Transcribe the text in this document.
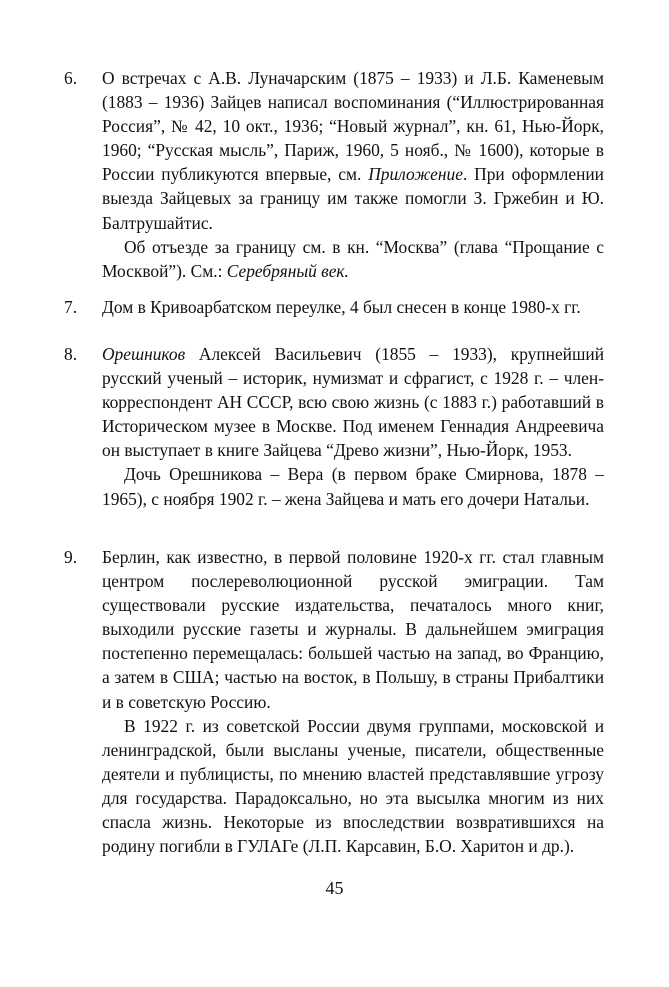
6. О встречах с А.В. Луначарским (1875 – 1933) и Л.Б. Каменевым (1883 – 1936) Зайцев написал воспоминания (“Иллюстрированная Россия”, № 42, 10 окт., 1936; “Новый журнал”, кн. 61, Нью-Йорк, 1960; “Русская мысль”, Париж, 1960, 5 нояб., № 1600), которые в России публикуются впервые, см. Приложение. При оформлении выезда Зайцевых за границу им также помогли З. Гржебин и Ю. Балтрушайтис.

Об отъезде за границу см. в кн. “Москва” (глава “Прощание с Москвой”). См.: Серебряный век.

7. Дом в Кривоарбатском переулке, 4 был снесен в конце 1980-х гг.

8. Орешников Алексей Васильевич (1855 – 1933), крупнейший русский ученый – историк, нумизмат и сфрагист, с 1928 г. – член-корреспондент АН СССР, всю свою жизнь (с 1883 г.) работавший в Историческом музее в Москве. Под именем Геннадия Андреевича он выступает в книге Зайцева “Древо жизни”, Нью-Йорк, 1953.

Дочь Орешникова – Вера (в первом браке Смирнова, 1878 – 1965), с ноября 1902 г. – жена Зайцева и мать его дочери Натальи.

9. Берлин, как известно, в первой половине 1920-х гг. стал главным центром послереволюционной русской эмиграции. Там существовали русские издательства, печаталось много книг, выходили русские газеты и журналы. В дальнейшем эмиграция постепенно перемещалась: большей частью на запад, во Францию, а затем в США; частью на восток, в Польшу, в страны Прибалтики и в советскую Россию.

В 1922 г. из советской России двумя группами, московской и ленинградской, были высланы ученые, писатели, общественные деятели и публицисты, по мнению властей представлявшие угрозу для государства. Парадоксально, но эта высылка многим из них спасла жизнь. Некоторые из впоследствии возвратившихся на родину погибли в ГУЛАГе (Л.П. Карсавин, Б.О. Харитон и др.).

45
